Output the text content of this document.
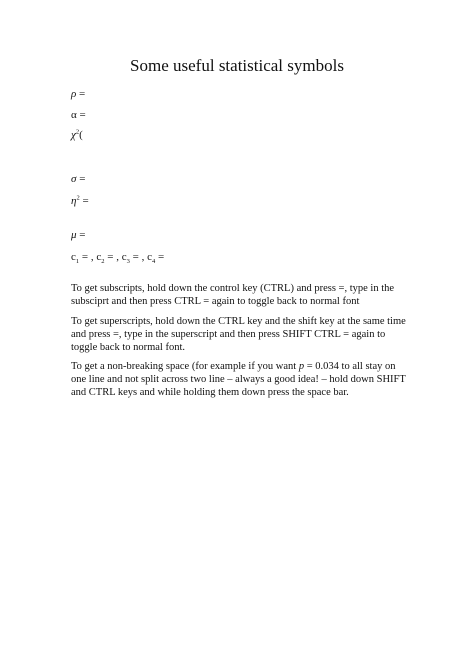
Some useful statistical symbols
ρ =
α =
$\chi^2$(
σ =
$\eta^2$ =
μ =
$c_1$ = , $c_2$ = , $c_3$ = , $c_4$ =
To get subscripts, hold down the control key (CTRL) and press =, type in the subsciprt and then press CTRL = again to toggle back to normal font
To get superscripts, hold down the CTRL key and the shift key at the same time and press =, type in the superscript and then press SHIFT CTRL = again to toggle back to normal font.
To get a non-breaking space (for example if you want p = 0.034 to all stay on one line and not split across two line – always a good idea! – hold down SHIFT and CTRL keys and while holding them down press the space bar.
